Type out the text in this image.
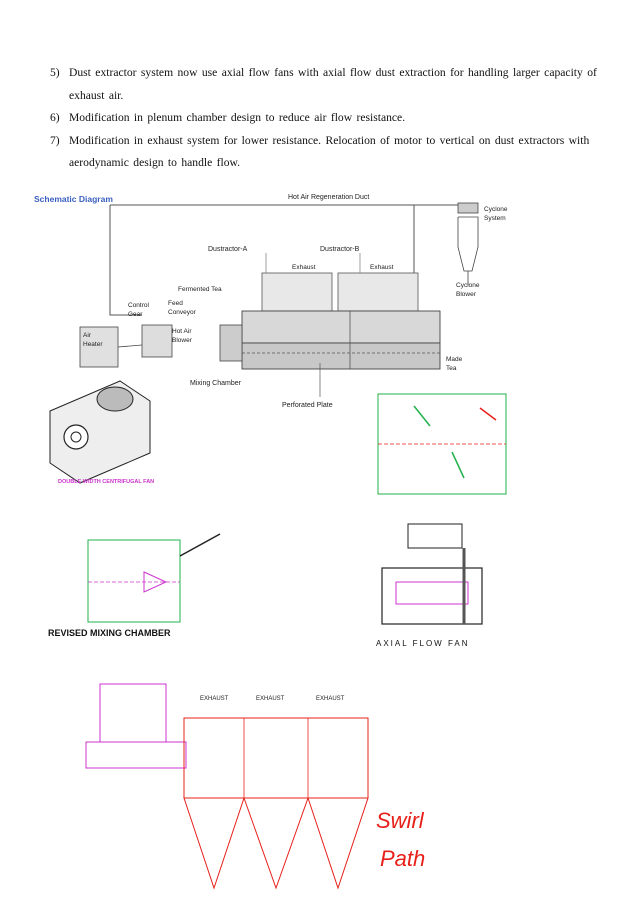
5) Dust extractor system now use axial flow fans with axial flow dust extraction for handling larger capacity of exhaust air.
6) Modification in plenum chamber design to reduce air flow resistance.
7) Modification in exhaust system for lower resistance. Relocation of motor to vertical on dust extractors with aerodynamic design to handle flow.
Schematic Diagram	Hot Air Regeneration Duct
Cyclone
System
Cyclone
Blower
Dustractor-A	Dustractor-B
Exhaust	Exhaust
Made
Tea
Fermented Tea
Feed
Conveyor
Control
Gear
Hot Air
Blower
Air
Heater
Mixing Chamber
Perforated Plate
DOUBLE WIDTH CENTRIFUGAL FAN
REVISED MIXING CHAMBER
AXIAL FLOW FAN
EXHAUST	EXHAUST	EXHAUST
Swirl
Path
